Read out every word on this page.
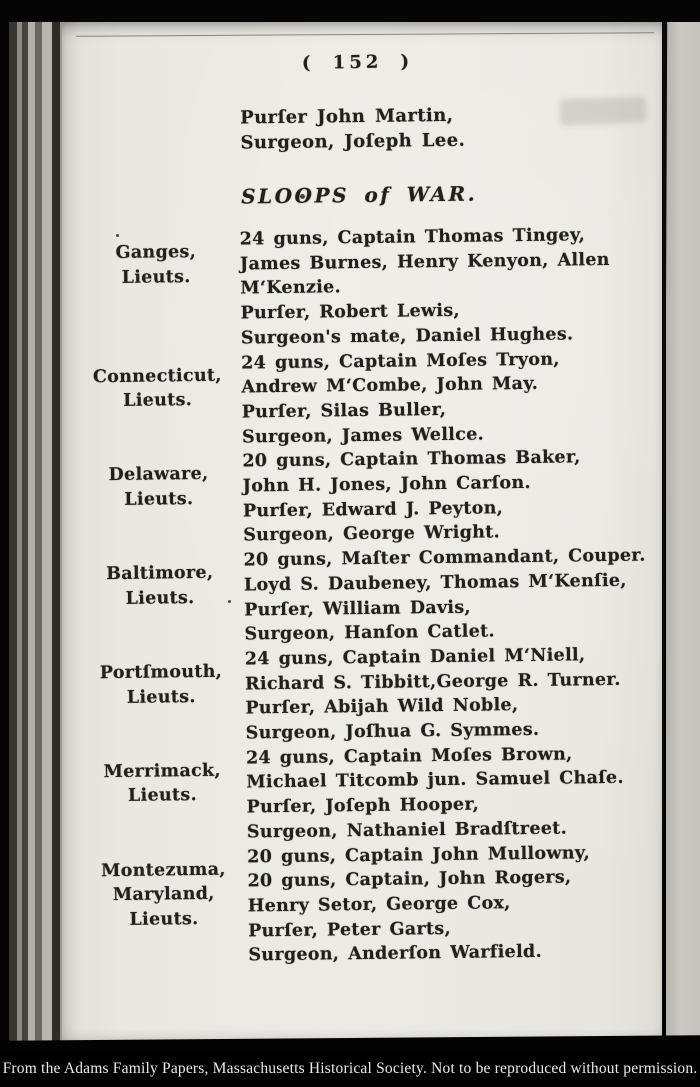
( 152 )
Purſer John Martin,
Surgeon, Joſeph Lee.
SLOOPS of WAR.
Ganges,
Lieuts.
24 guns, Captain Thomas Tingey,
James Burnes, Henry Kenyon, Allen
M‘Kenzie.
Purſer, Robert Lewis,
Surgeon's mate, Daniel Hughes.
Connecticut,
Lieuts.
24 guns, Captain Moſes Tryon,
Andrew M‘Combe, John May.
Purſer, Silas Buller,
Surgeon, James Wellce.
Delaware,
Lieuts.
20 guns, Captain Thomas Baker,
John H. Jones, John Carſon.
Purſer, Edward J. Peyton,
Surgeon, George Wright.
Baltimore,
Lieuts.
20 guns, Maſter Commandant, Couper.
Loyd S. Daubeney, Thomas M‘Kenſie,
Purſer, William Davis,
Surgeon, Hanſon Catlet.
Portſmouth,
Lieuts.
24 guns, Captain Daniel M‘Niell,
Richard S. Tibbitt,George R. Turner.
Purſer, Abijah Wild Noble,
Surgeon, Joſhua G. Symmes.
Merrimack,
Lieuts.
24 guns, Captain Moſes Brown,
Michael Titcomb jun. Samuel Chaſe.
Purſer, Joſeph Hooper,
Surgeon, Nathaniel Bradſtreet.
Montezuma,
Maryland,
Lieuts.
20 guns, Captain John Mullowny,
20 guns, Captain, John Rogers,
Henry Setor, George Cox,
Purſer, Peter Garts,
Surgeon, Anderſon Warfield.
From the Adams Family Papers, Massachusetts Historical Society. Not to be reproduced without permission.
